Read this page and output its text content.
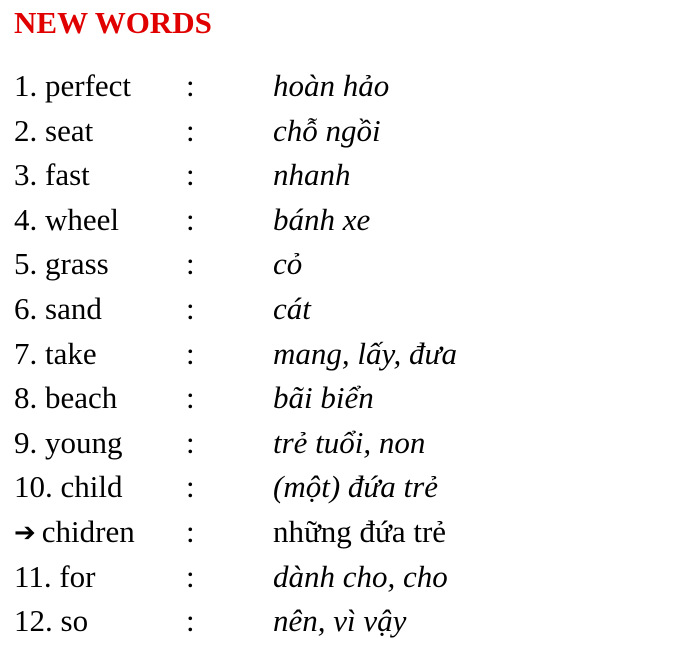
NEW WORDS
1. perfect :	hoàn hảo
2. seat	:	chỗ ngồi
3. fast	:	nhanh
4. wheel :	bánh xe
5. grass :	cỏ
6. sand	:	cát
7. take	:	mang, lấy, đưa
8. beach :	bãi biển
9. young :	trẻ tuổi, non
10. child :	(một) đứa trẻ
➔ chidren :	những đứa trẻ
11. for	:	dành cho, cho
12. so	:	nên, vì vậy
